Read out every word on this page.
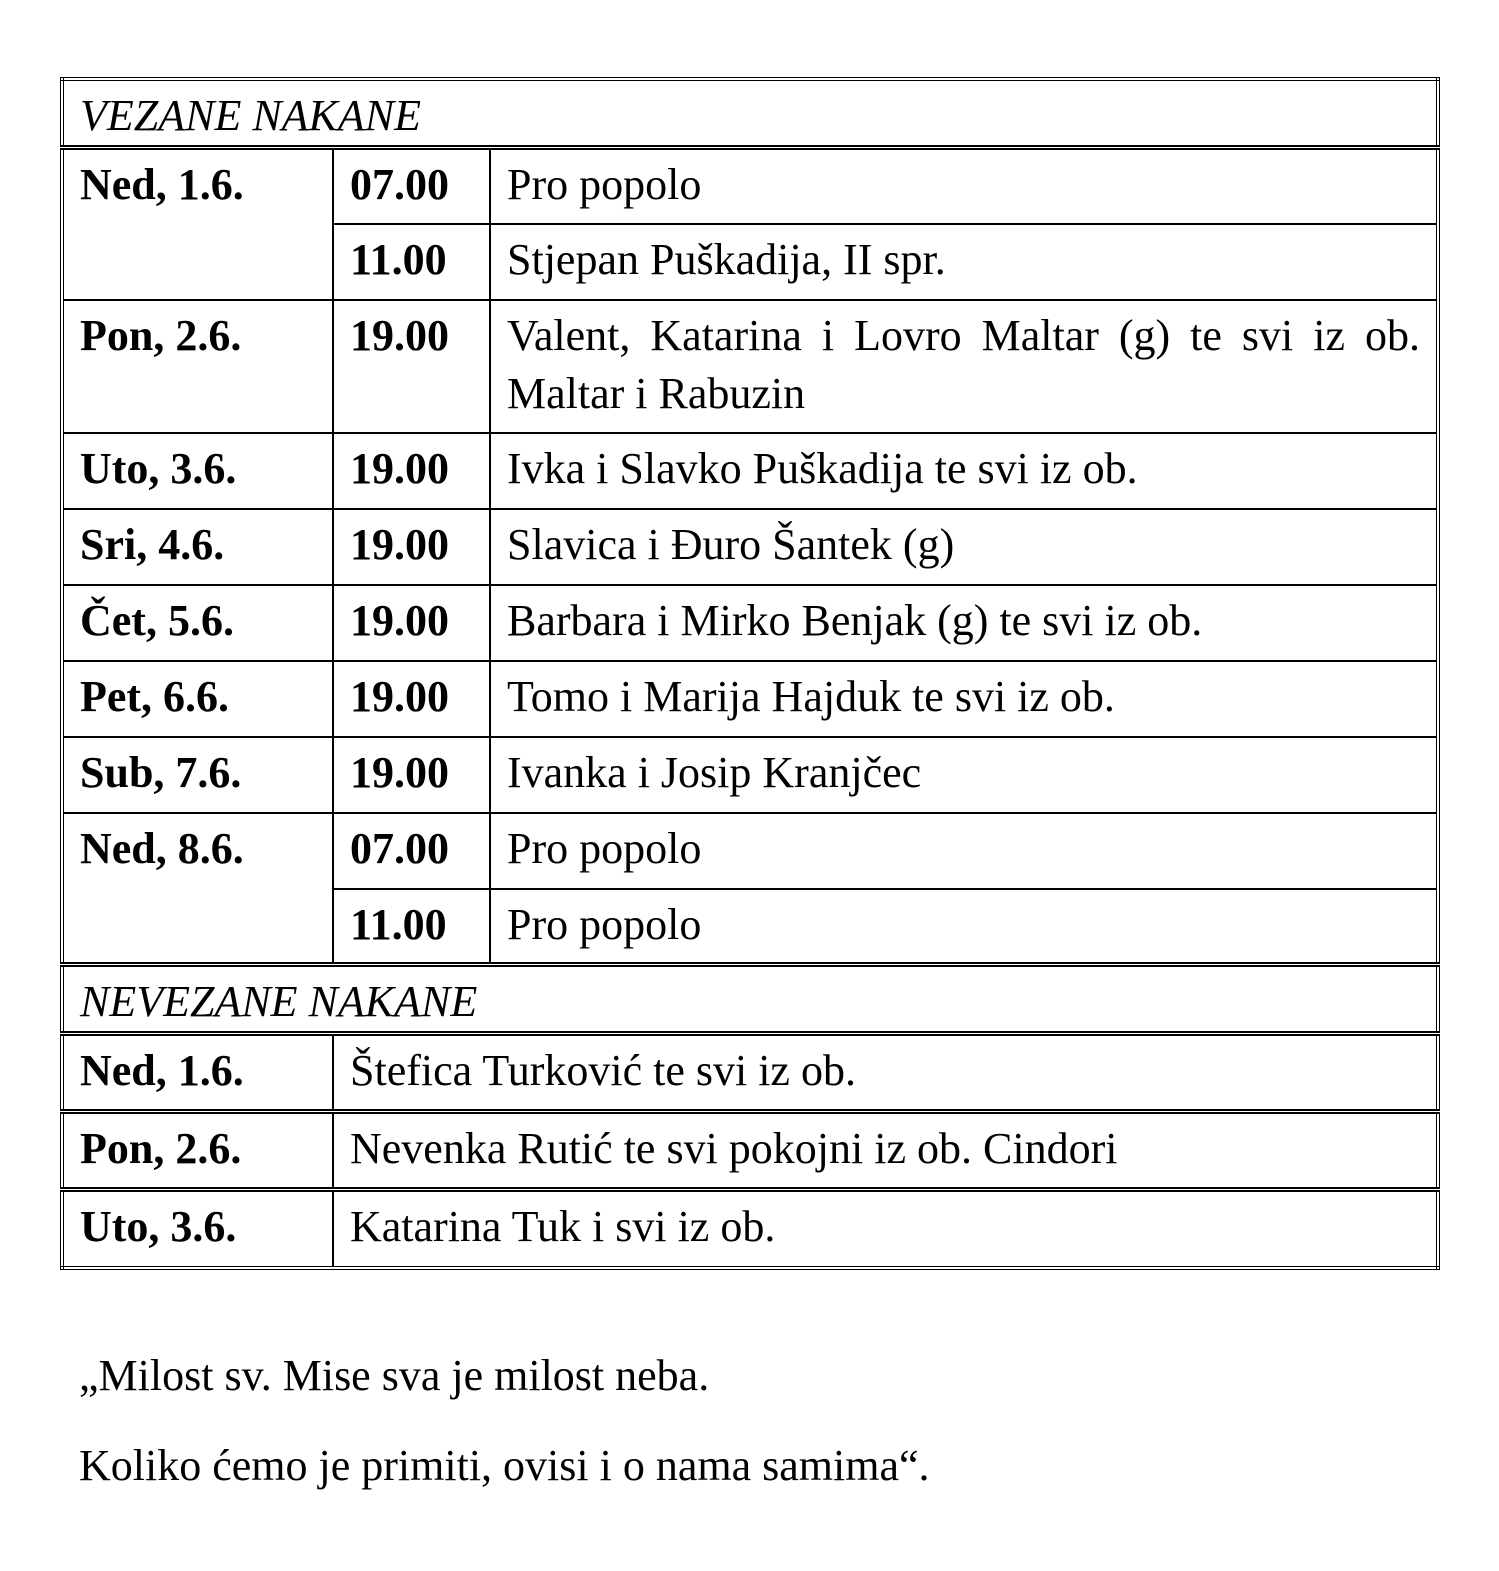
VEZANE NAKANE		
Ned, 1.6.	07.00	Pro popolo
	11.00	Stjepan Puškadija, II spr.
Pon, 2.6.	19.00	Valent, Katarina i Lovro Maltar (g) te svi iz ob. Maltar i Rabuzin
Uto, 3.6.	19.00	Ivka i Slavko Puškadija te svi iz ob.
Sri, 4.6.	19.00	Slavica i Đuro Šantek (g)
Čet, 5.6.	19.00	Barbara i Mirko Benjak (g) te svi iz ob.
Pet, 6.6.	19.00	Tomo i Marija Hajduk te svi iz ob.
Sub, 7.6.	19.00	Ivanka i Josip Kranjčec
Ned, 8.6.	07.00	Pro popolo
	11.00	Pro popolo
NEVEZANE NAKANE		
Ned, 1.6.	Štefica Turković te svi iz ob.	
Pon, 2.6.	Nevenka Rutić te svi pokojni iz ob. Cindori	
Uto, 3.6.	Katarina Tuk i svi iz ob.	

„Milost sv. Mise sva je milost neba.

Koliko ćemo je primiti, ovisi i o nama samima“.
